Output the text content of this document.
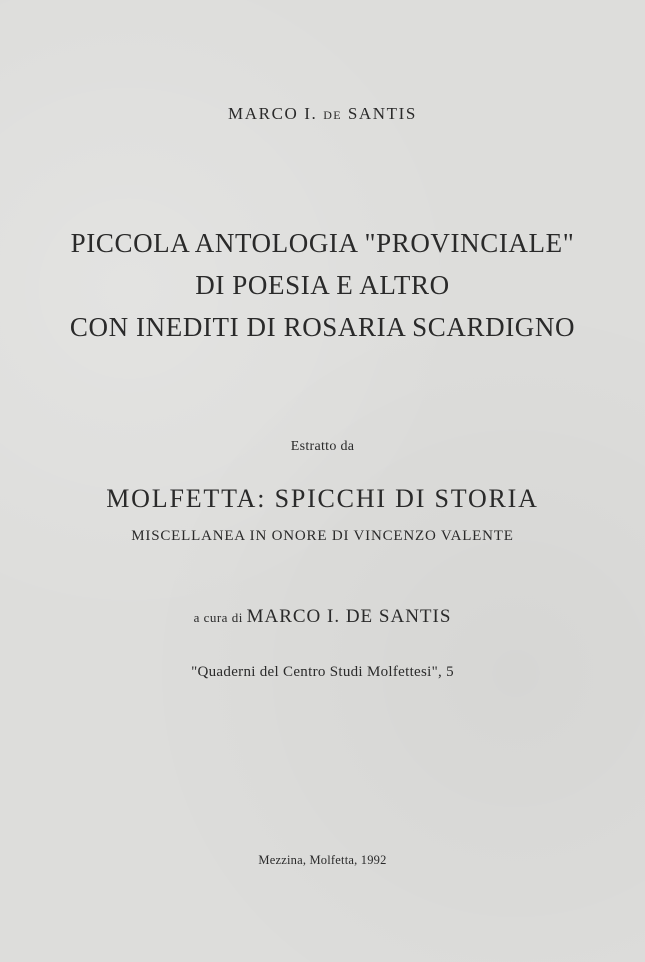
MARCO I. DE SANTIS
PICCOLA ANTOLOGIA "PROVINCIALE"
DI POESIA E ALTRO
CON INEDITI DI ROSARIA SCARDIGNO
Estratto da
MOLFETTA: SPICCHI DI STORIA
MISCELLANEA IN ONORE DI VINCENZO VALENTE
a cura di MARCO I. DE SANTIS
"Quaderni del Centro Studi Molfettesi", 5
Mezzina, Molfetta, 1992
